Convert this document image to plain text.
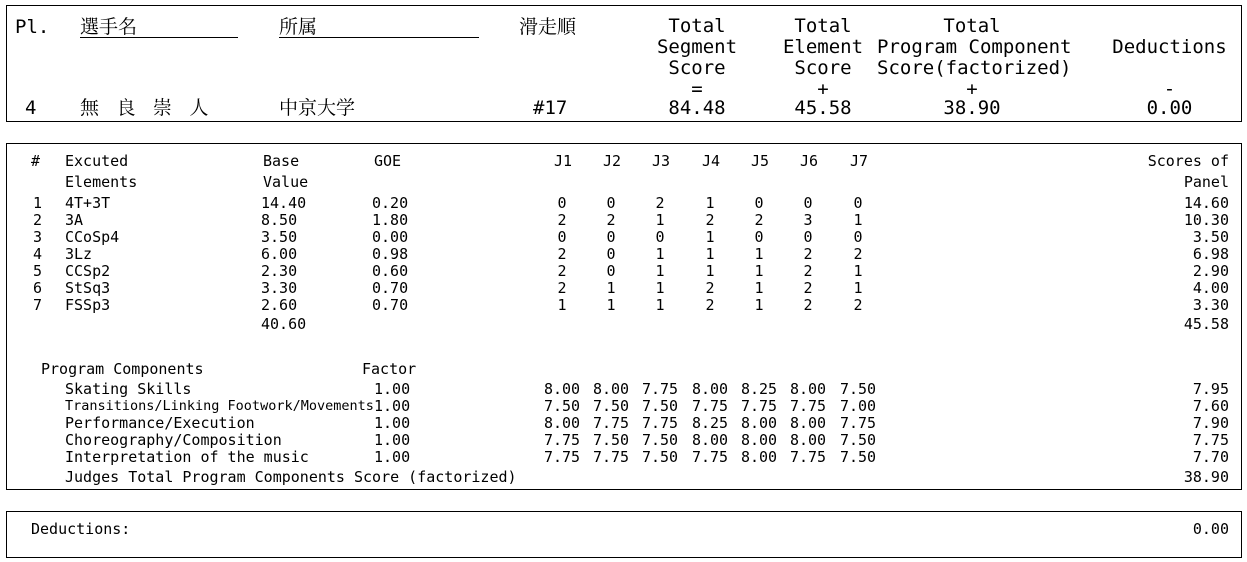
Pl. 選手名	所属	滑走順	Total
Segment
Score
Total
Element
Score
Total
Program Component
Score(factorized)
Deductions
=	+	+	-
4 無 良 崇 人	中京大学	#17	84.48	45.58	38.90	0.00
# Excuted
Elements
Base
Value
GOE	J1	J2	J3	J4	J5	J6	J7	Scores of
Panel
1 4T+3T	14.40	0.20	0	0	2	1	0	0	0	14.60
2 3A	8.50	1.80	2	2	1	2	2	3	1	10.30
3 CCoSp4	3.50	0.00	0	0	0	1	0	0	0	3.50
4 3Lz	6.00	0.98	2	0	1	1	1	2	2	6.98
5 CCSp2	2.30	0.60	2	0	1	1	1	2	1	2.90
6 StSq3	3.30	0.70	2	1	1	2	1	2	1	4.00
7 FSSp3	2.60	0.70	1	1	1	2	1	2	2	3.30
40.60	45.58
Program Components	Factor
Skating Skills	1.00	8.00 8.00 7.75 8.00 8.25 8.00 7.50	7.95
Transitions/Linking Footwork/Movements 1.00	7.50 7.50 7.50 7.75 7.75 7.75 7.00	7.60
Performance/Execution	1.00	8.00 7.75 7.75 8.25 8.00 8.00 7.75	7.90
Choreography/Composition	1.00	7.75 7.50 7.50 8.00 8.00 8.00 7.50	7.75
Interpretation of the music	1.00	7.75 7.75 7.50 7.75 8.00 7.75 7.50	7.70
Judges Total Program Components Score (factorized)	38.90
Deductions:	0.00
